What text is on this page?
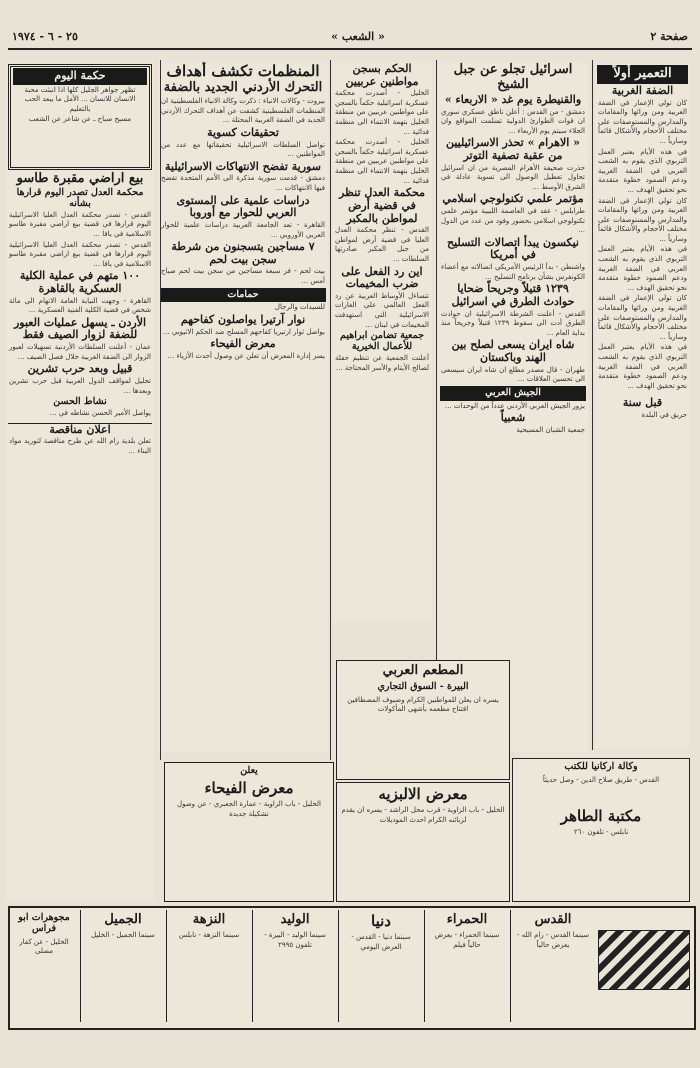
صفحة ٢
« الشعب »
٢٥ - ٦ - ١٩٧٤
التعمير أولاً
الضفة الغربية
كان تولي الإعمار في الضفة الغربية ومن ورائها والمقامات والمدارس والمستوصفات على مختلف الأحجام والأشكال قائماً وسارياً ...
في هذه الأيام يعتبر العمل التربوي الذي يقوم به الشعب العربي في الضفة الغربية ودعم الصمود خطوة متقدمة نحو تحقيق الهدف ...
كان تولي الإعمار في الضفة الغربية ومن ورائها والمقامات والمدارس والمستوصفات على مختلف الأحجام والأشكال قائماً وسارياً ...
في هذه الأيام يعتبر العمل التربوي الذي يقوم به الشعب العربي في الضفة الغربية ودعم الصمود خطوة متقدمة نحو تحقيق الهدف ...
كان تولي الإعمار في الضفة الغربية ومن ورائها والمقامات والمدارس والمستوصفات على مختلف الأحجام والأشكال قائماً وسارياً ...
في هذه الأيام يعتبر العمل التربوي الذي يقوم به الشعب العربي في الضفة الغربية ودعم الصمود خطوة متقدمة نحو تحقيق الهدف ...
قبل سنة
حريق في البلدة
اسرائيل تجلو عن جبل الشيخ
والقنيطرة يوم غد « الاربعاء »
دمشق - من القدس : أعلن ناطق عسكري سوري ان قوات الطوارئ الدولية تسلمت المواقع وان الجلاء سيتم يوم الأربعاء ...
« الاهرام » تحذر الاسرائيليين من عقبة تصفية التوتر
حذرت صحيفة الأهرام المصرية من ان اسرائيل تحاول تعطيل الوصول الى تسوية عادلة في الشرق الأوسط ...
مؤتمر علمي تكنولوجي اسلامي
طرابلس - عقد في العاصمة الليبية مؤتمر علمي تكنولوجي اسلامي بحضور وفود من عدد من الدول ...
نيكسون يبدأ اتصالات التسليح في أمريكا
واشنطن - بدأ الرئيس الأمريكي اتصالاته مع أعضاء الكونغرس بشأن برنامج التسليح ...
١٢٣٩ قتيلاً وجريحاً ضحايا حوادث الطرق في اسرائيل
القدس - أعلنت الشرطة الاسرائيلية ان حوادث الطرق أدت الى سقوط ١٢٣٩ قتيلاً وجريحاً منذ بداية العام ...
شاه ايران يسعى لصلح بين الهند وباكستان
طهران - قال مصدر مطلع ان شاه ايران سيسعى الى تحسين العلاقات ...
الجيش العربي
يزور الجيش العربي الأردني عدداً من الوحدات ...
شعبياً
جمعية الشبان المسيحية
الحكم بسجن مواطنين عربيين
الخليل - أصدرت محكمة عسكرية اسرائيلية حكماً بالسجن على مواطنين عربيين من منطقة الخليل بتهمة الانتماء الى منظمة فدائية ...
الخليل - أصدرت محكمة عسكرية اسرائيلية حكماً بالسجن على مواطنين عربيين من منطقة الخليل بتهمة الانتماء الى منظمة فدائية ...
محكمة العدل تنظر في قضية أرض لمواطن بالمكبر
القدس - تنظر محكمة العدل العليا في قضية أرض لمواطن من جبل المكبر صادرتها السلطات ...
اين رد الفعل على ضرب المخيمات
تتساءل الأوساط العربية عن رد الفعل العالمي على الغارات الاسرائيلية التي استهدفت المخيمات في لبنان ...
جمعية تضامن ابراهيم للأعمال الخيرية
أعلنت الجمعية عن تنظيم حفلة لصالح الأيتام والأسر المحتاجة ...
المنظمات تكشف أهداف
التحرك الأردني الجديد بالضفة
بيروت - وكالات الانباء : ذكرت وكالة الانباء الفلسطينية ان المنظمات الفلسطينية كشفت عن أهداف التحرك الأردني الجديد في الضفة الغربية المحتلة ...
تحقيقات كسوية
تواصل السلطات الاسرائيلية تحقيقاتها مع عدد من المواطنين ...
سورية تفضح الانتهاكات الاسرائيلية
دمشق - قدمت سورية مذكرة الى الأمم المتحدة تفضح فيها الانتهاكات ...
دراسات علمية على المستوى العربي للحوار مع أوروبا
القاهرة - تعد الجامعة العربية دراسات علمية للحوار العربي الأوروبي ...
٧ مساجين يتسجنون من شرطة سجن بيت لحم
بيت لحم - فر سبعة مساجين من سجن بيت لحم صباح أمس ...
حمامات
للسيدات والرجال
نوار آرتيرا يواصلون كفاحهم
يواصل ثوار ارتيريا كفاحهم المسلح ضد الحكم الاثيوبي ...
معرض الفيحاء
يسر إدارة المعرض أن تعلن عن وصول أحدث الأزياء ...
حكمة اليوم
تظهر جواهر الجليل كلها اذا انبثت محبة الانسان للانسان ... الأمل ما يبعد الحب بالتعليم
مسيح صباح ـ عن شاعر عن الشعب
بيع اراضي مقبرة طاسو
محكمة العدل تصدر اليوم قرارها بشأنه
القدس - تصدر محكمة العدل العليا الاسرائيلية اليوم قرارها في قضية بيع اراضي مقبرة طاسو الاسلامية في يافا ...
القدس - تصدر محكمة العدل العليا الاسرائيلية اليوم قرارها في قضية بيع اراضي مقبرة طاسو الاسلامية في يافا ...
١٠٠ متهم في عملية الكلية العسكرية بالقاهرة
القاهرة - وجهت النيابة العامة الاتهام الى مائة شخص في قضية الكلية الفنية العسكرية ...
الأردن ـ يسهل عمليات العبور للضفة لزوار الصيف فقط
عمان - أعلنت السلطات الأردنية تسهيلات لعبور الزوار الى الضفة الغربية خلال فصل الصيف ...
قبيل وبعد حرب تشرين
تحليل لمواقف الدول العربية قبل حرب تشرين وبعدها ...
نشاط الحسن
يواصل الأمير الحسن نشاطه في ...
اعلان مناقصة
تعلن بلدية رام الله عن طرح مناقصة لتوريد مواد البناء ...
يعلن
معرض الفيحاء
الخليل - باب الزاوية - عمارة الجعبري - عن وصول تشكيلة جديدة
معرض الالبزيه
الخليل - باب الزاوية - قرب محل الراشد - يسره ان يقدم لزبائنه الكرام احدث الموديلات
المطعم العربي
البيرة - السوق التجاري
يسره ان يعلن للمواطنين الكرام وضيوف المصطافين افتتاح مطعمه بأشهى المأكولات
وكالة اركانيا للكتب
القدس - طريق صلاح الدين - وصل حديثاً
مكتبة الطاهر
نابلس - تلفون ٢٦٠
القدس
سينما القدس - رام الله - يعرض حالياً
الحمراء
سينما الحمراء - يعرض حالياً فيلم
دنيا
سينما دنيا - القدس - العرض اليومي
الوليد
سينما الوليد - البيرة - تلفون ٢٩٩٥
النزهة
سينما النزهة - نابلس
الجميل
سينما الجميل - الخليل
مجوهرات ابو فراس
الخليل - عن كفار مصلى
